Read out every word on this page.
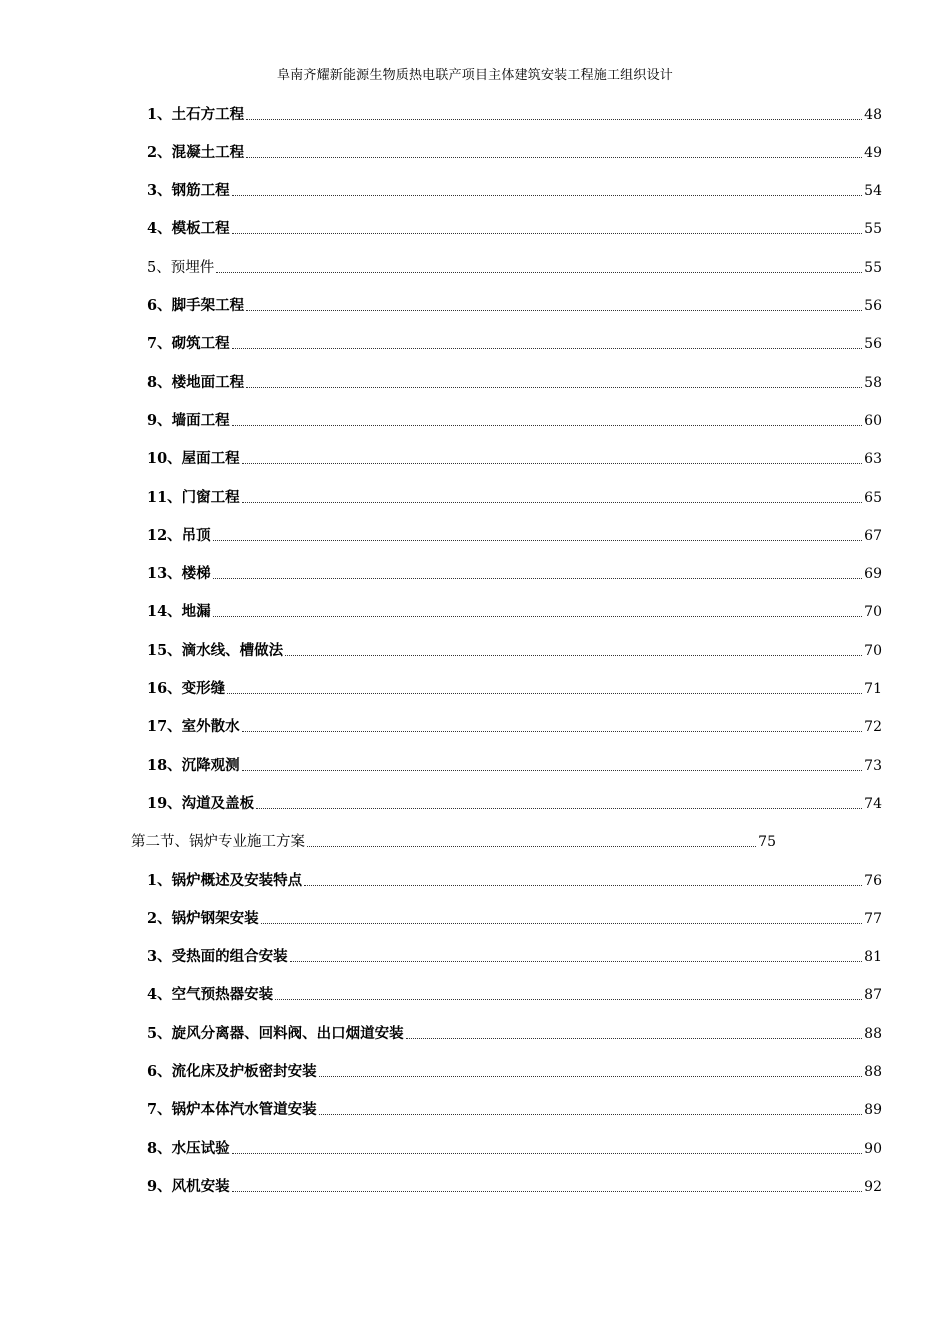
阜南齐耀新能源生物质热电联产项目主体建筑安装工程施工组织设计
1、土石方工程	48
2、混凝土工程	49
3、钢筋工程	54
4、模板工程	55
5、预埋件	55
6、脚手架工程	56
7、砌筑工程	56
8、楼地面工程	58
9、墙面工程	60
10、屋面工程	63
11、门窗工程	65
12、吊顶	67
13、楼梯	69
14、地漏	70
15、滴水线、槽做法	70
16、变形缝	71
17、室外散水	72
18、沉降观测	73
19、沟道及盖板	74
第二节、锅炉专业施工方案	75
1、锅炉概述及安装特点	76
2、锅炉钢架安装	77
3、受热面的组合安装	81
4、空气预热器安装	87
5、旋风分离器、回料阀、出口烟道安装	88
6、流化床及护板密封安装	88
7、锅炉本体汽水管道安装	89
8、水压试验	90
9、风机安装	92
